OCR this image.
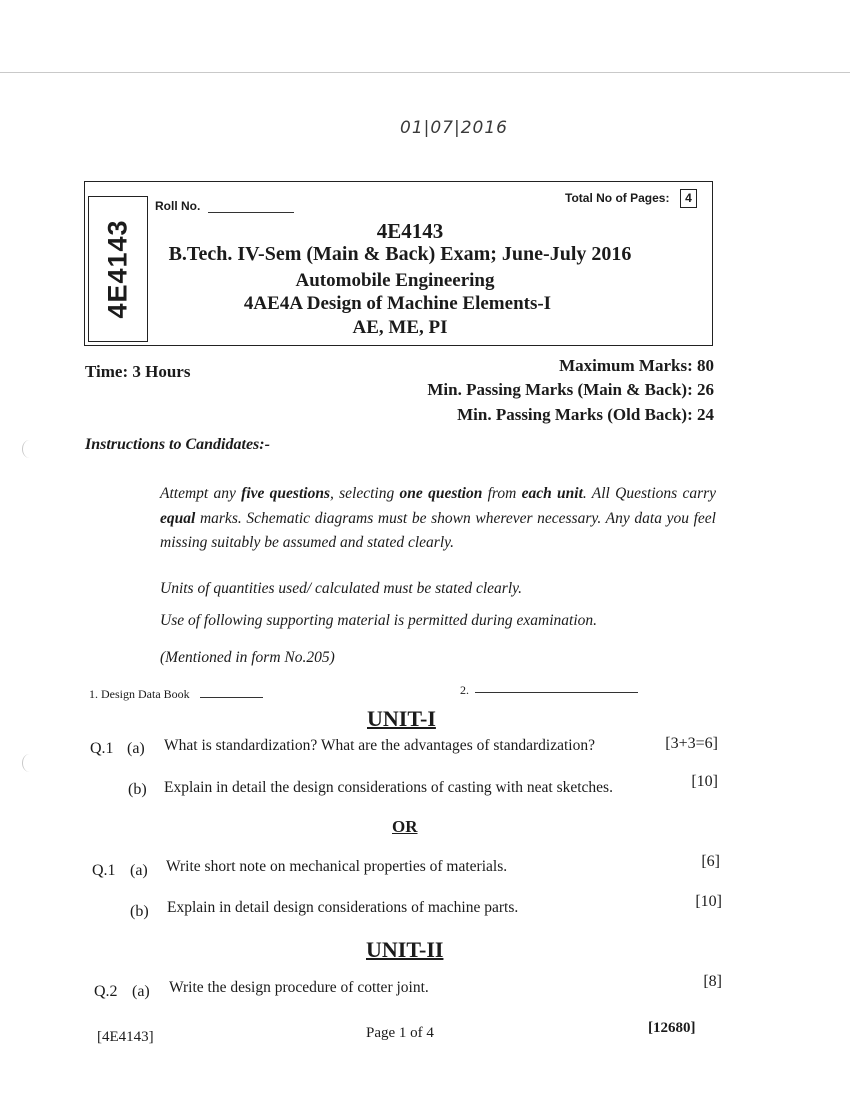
01|07|2016
4E4143
Roll No.
Total No of Pages:	4
4E4143
B.Tech. IV-Sem (Main & Back) Exam; June-July 2016
Automobile Engineering
4AE4A Design of Machine Elements-I
AE, ME, PI
Time: 3 Hours	Maximum Marks: 80
Min. Passing Marks (Main & Back): 26
Min. Passing Marks (Old Back): 24
Instructions to Candidates:-
Attempt any five questions, selecting one question from each unit. All Questions carry equal marks. Schematic diagrams must be shown wherever necessary. Any data you feel missing suitably be assumed and stated clearly.
Units of quantities used/ calculated must be stated clearly.
Use of following supporting material is permitted during examination.
(Mentioned in form No.205)
1. Design Data Book	2.
UNIT-I
Q.1 (a) What is standardization? What are the advantages of standardization?	[3+3=6]
(b) Explain in detail the design considerations of casting with neat sketches.	[10]
OR
Q.1 (a) Write short note on mechanical properties of materials.	[6]
(b) Explain in detail design considerations of machine parts.	[10]
UNIT-II
Q.2 (a) Write the design procedure of cotter joint.	[8]
[4E4143]	Page 1 of 4	[12680]
